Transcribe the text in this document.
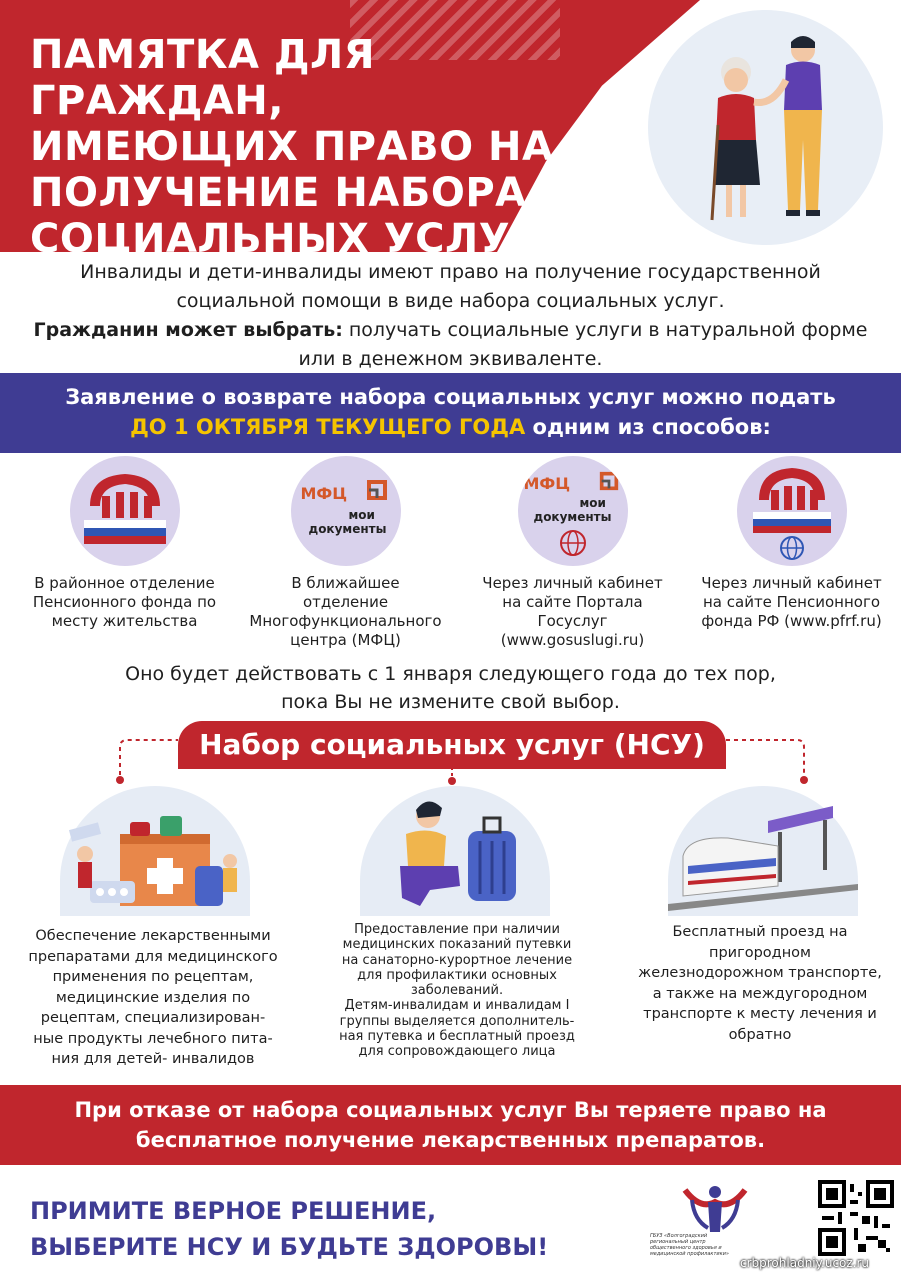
ПАМЯТКА ДЛЯ ГРАЖДАН,
ИМЕЮЩИХ ПРАВО НА
ПОЛУЧЕНИЕ НАБОРА
СОЦИАЛЬНЫХ УСЛУГ
Инвалиды и дети-инвалиды имеют право на получение государственной
социальной помощи в виде набора социальных услуг.
Гражданин может выбрать: получать социальные услуги в натуральной форме
или в денежном эквиваленте.
Заявление о возврате набора социальных услуг можно подать
ДО 1 ОКТЯБРЯ ТЕКУЩЕГО ГОДА одним из способов:
В районное отделение
Пенсионного фонда по
месту жительства
МФЦ
мои
документы
В ближайшее
отделение
Многофункционального
центра (МФЦ)
МФЦ
мои
документы
Через личный кабинет
на сайте Портала
Госуслуг
(www.gosuslugi.ru)
Через личный кабинет
на сайте Пенсионного
фонда РФ (www.pfrf.ru)
Оно будет действовать с 1 января следующего года до тех пор,
пока Вы не измените свой выбор.
Набор социальных услуг (НСУ)
Обеспечение лекарственными
препаратами для медицинского
применения по рецептам,
медицинские изделия по
рецептам, специализирован-
ные продукты лечебного пита-
ния для детей- инвалидов
Предоставление при наличии
медицинских показаний путевки
на санаторно-курортное лечение
для профилактики основных
заболеваний.
Детям-инвалидам и инвалидам I
группы выделяется дополнитель-
ная путевка и бесплатный проезд
для сопровождающего лица
Бесплатный проезд на
пригородном
железнодорожном транспорте,
а также на междугородном
транспорте к месту лечения и
обратно
При отказе от набора социальных услуг Вы теряете право на
бесплатное получение лекарственных препаратов.
ПРИМИТЕ ВЕРНОЕ РЕШЕНИЕ,
ВЫБЕРИТЕ НСУ И БУДЬТЕ ЗДОРОВЫ!	ГБУЗ «Волгоградский региональный центр общественного здоровья и медицинской профилактики»
crbprohladniy.ucoz.ru
